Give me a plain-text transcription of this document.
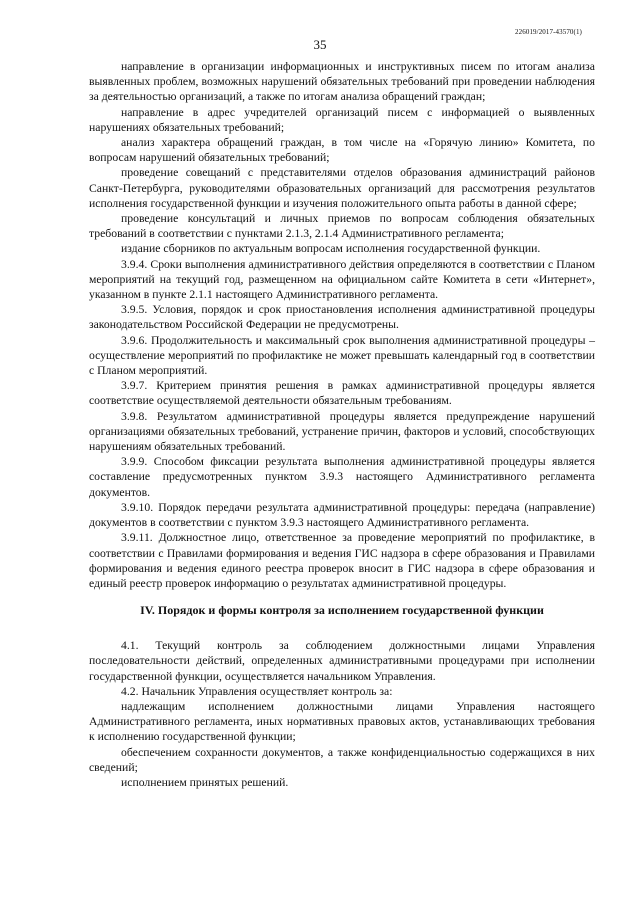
226019/2017-43570(1)
35

направление в организации информационных и инструктивных писем по итогам анализа выявленных проблем, возможных нарушений обязательных требований при проведении наблюдения за деятельностью организаций, а также по итогам анализа обращений граждан;

направление в адрес учредителей организаций писем с информацией о выявленных нарушениях обязательных требований;

анализ характера обращений граждан, в том числе на «Горячую линию» Комитета, по вопросам нарушений обязательных требований;

проведение совещаний с представителями отделов образования администраций районов Санкт-Петербурга, руководителями образовательных организаций для рассмотрения результатов исполнения государственной функции и изучения положительного опыта работы в данной сфере;

проведение консультаций и личных приемов по вопросам соблюдения обязательных требований в соответствии с пунктами 2.1.3, 2.1.4 Административного регламента;

издание сборников по актуальным вопросам исполнения государственной функции.

3.9.4. Сроки выполнения административного действия определяются в соответствии с Планом мероприятий на текущий год, размещенном на официальном сайте Комитета в сети «Интернет», указанном в пункте 2.1.1 настоящего Административного регламента.

3.9.5. Условия, порядок и срок приостановления исполнения административной процедуры законодательством Российской Федерации не предусмотрены.

3.9.6. Продолжительность и максимальный срок выполнения административной процедуры – осуществление мероприятий по профилактике не может превышать календарный год в соответствии с Планом мероприятий.

3.9.7. Критерием принятия решения в рамках административной процедуры является соответствие осуществляемой деятельности обязательным требованиям.

3.9.8. Результатом административной процедуры является предупреждение нарушений организациями обязательных требований, устранение причин, факторов и условий, способствующих нарушениям обязательных требований.

3.9.9. Способом фиксации результата выполнения административной процедуры является составление предусмотренных пунктом 3.9.3 настоящего Административного регламента документов.

3.9.10. Порядок передачи результата административной процедуры: передача (направление) документов в соответствии с пунктом 3.9.3 настоящего Административного регламента.

3.9.11. Должностное лицо, ответственное за проведение мероприятий по профилактике, в соответствии с Правилами формирования и ведения ГИС надзора в сфере образования и Правилами формирования и ведения единого реестра проверок вносит в ГИС надзора в сфере образования и единый реестр проверок информацию о результатах административной процедуры.

IV. Порядок и формы контроля за исполнением государственной функции

4.1. Текущий контроль за соблюдением должностными лицами Управления последовательности действий, определенных административными процедурами при исполнении государственной функции, осуществляется начальником Управления.

4.2. Начальник Управления осуществляет контроль за:

надлежащим исполнением должностными лицами Управления настоящего Административного регламента, иных нормативных правовых актов, устанавливающих требования к исполнению государственной функции;

обеспечением сохранности документов, а также конфиденциальностью содержащихся в них сведений;

исполнением принятых решений.
